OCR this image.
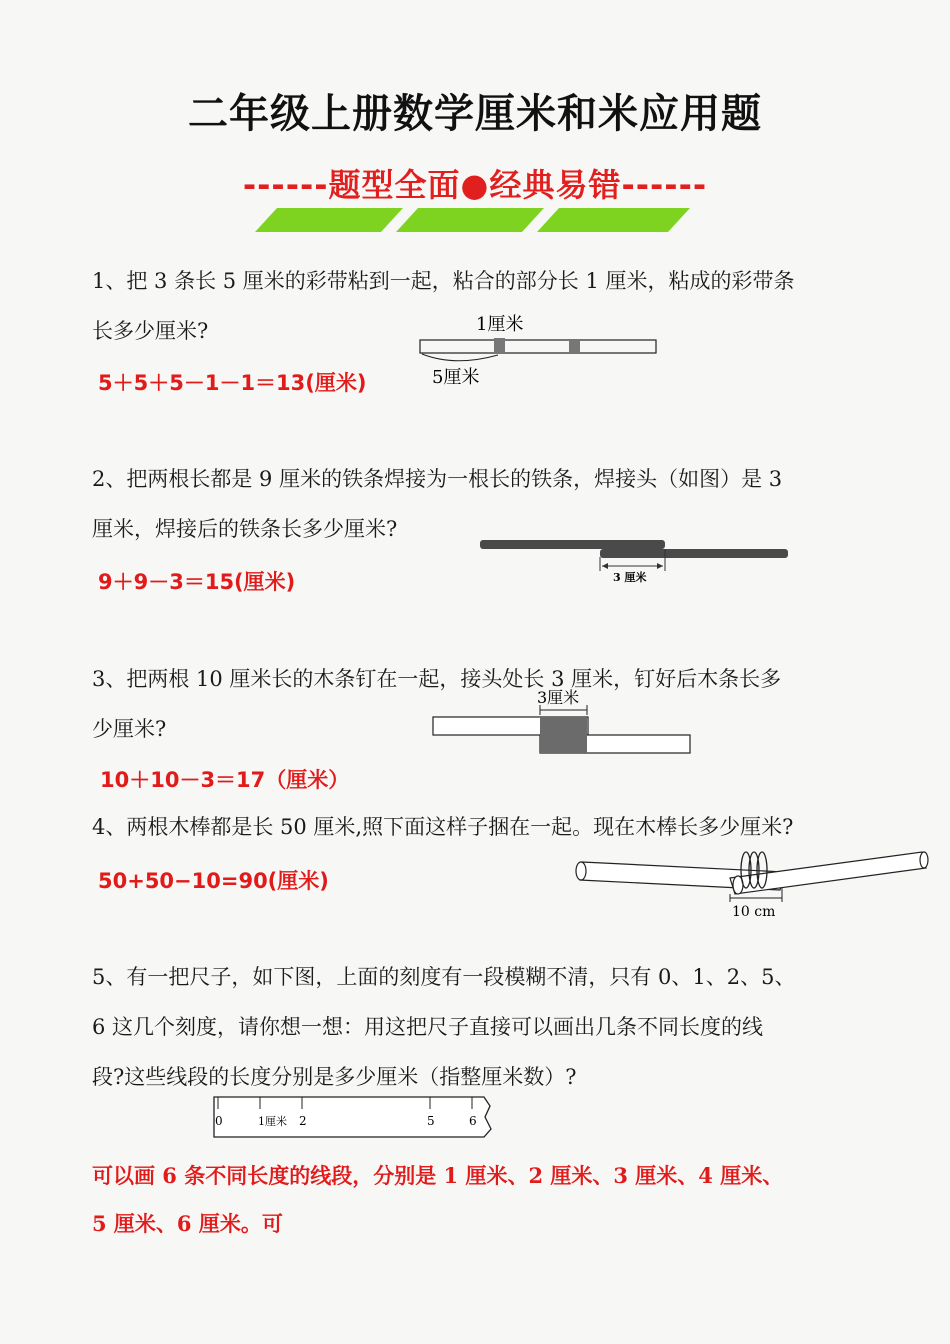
二年级上册数学厘米和米应用题
------题型全面●经典易错------
1、把 3 条长 5 厘米的彩带粘到一起，粘合的部分长 1 厘米，粘成的彩带条
长多少厘米?
5＋5＋5－1－1＝13(厘米)
1厘米
5厘米
2、把两根长都是 9 厘米的铁条焊接为一根长的铁条，焊接头（如图）是 3
厘米，焊接后的铁条长多少厘米?
9＋9－3＝15(厘米)	3 厘米
3、把两根 10 厘米长的木条钉在一起，接头处长 3 厘米，钉好后木条长多
少厘米?
10＋10－3＝17（厘米）
3厘米
4、两根木棒都是长 50 厘米,照下面这样子捆在一起。现在木棒长多少厘米?
50+50−10=90(厘米)
10 cm
5、有一把尺子，如下图，上面的刻度有一段模糊不清，只有 0、1、2、5、
6 这几个刻度，请你想一想：用这把尺子直接可以画出几条不同长度的线
段?这些线段的长度分别是多少厘米（指整厘米数）?
0	1厘米 2	5	6
可以画 6 条不同长度的线段，分别是 1 厘米、2 厘米、3 厘米、4 厘米、
5 厘米、6 厘米。可
